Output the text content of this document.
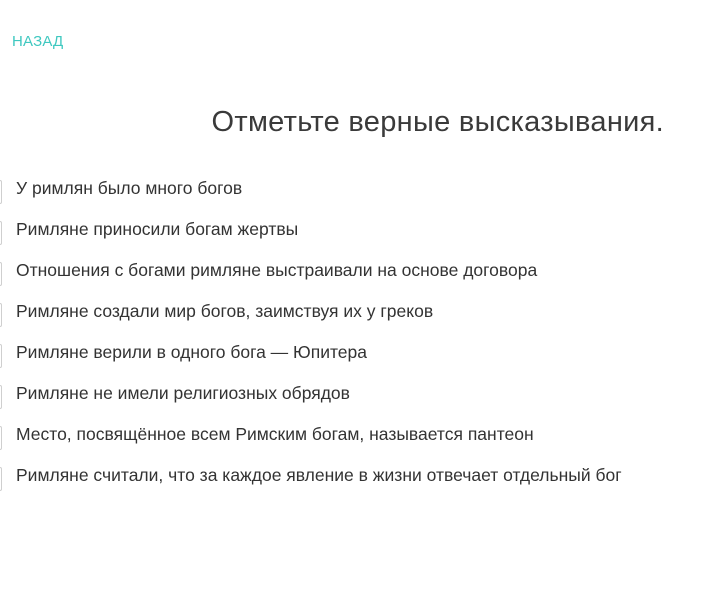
НАЗАД
Отметьте верные высказывания.
У римлян было много богов
Римляне приносили богам жертвы
Отношения с богами римляне выстраивали на основе договора
Римляне создали мир богов, заимствуя их у греков
Римляне верили в одного бога — Юпитера
Римляне не имели религиозных обрядов
Место, посвящённое всем Римским богам, называется пантеон
Римляне считали, что за каждое явление в жизни отвечает отдельный бог
